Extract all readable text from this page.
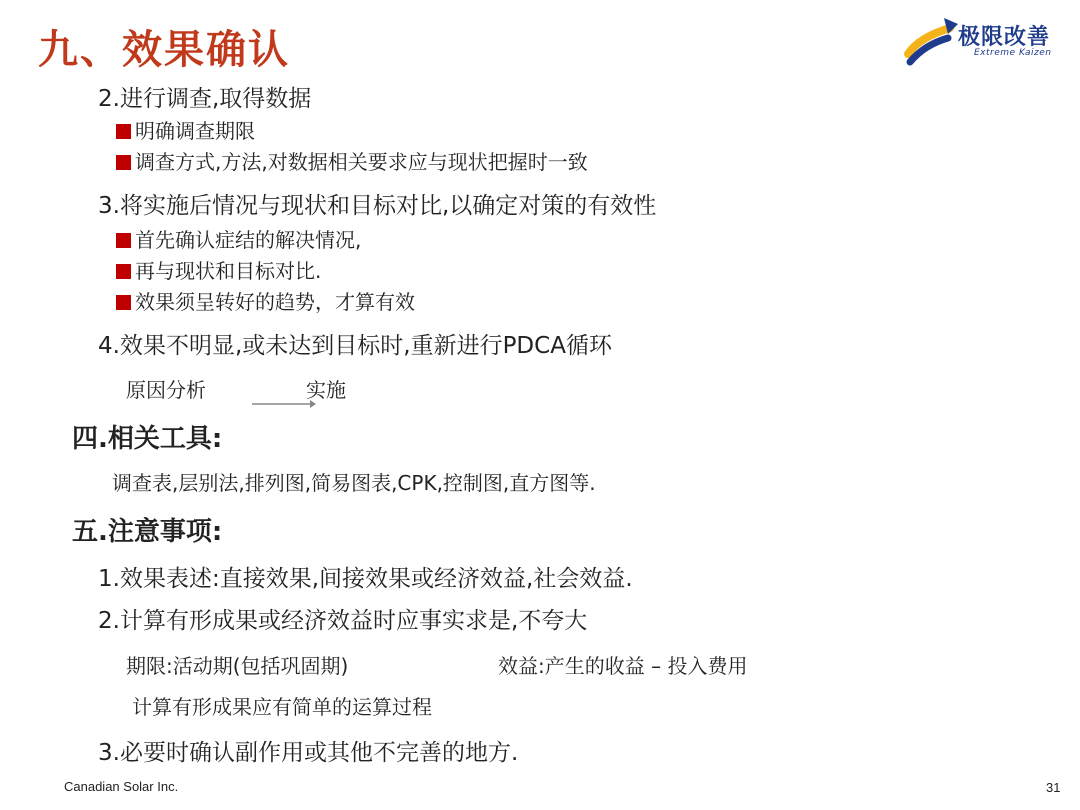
九、效果确认	极限改善
Extreme Kaizen
2.进行调查,取得数据
明确调查期限
调查方式,方法,对数据相关要求应与现状把握时一致
3.将实施后情况与现状和目标对比,以确定对策的有效性
首先确认症结的解决情况,
再与现状和目标对比.
效果须呈转好的趋势，才算有效
4.效果不明显,或未达到目标时,重新进行PDCA循环
原因分析	实施
四.相关工具:
调查表,层别法,排列图,简易图表,CPK,控制图,直方图等.
五.注意事项:
1.效果表述:直接效果,间接效果或经济效益,社会效益.
2.计算有形成果或经济效益时应事实求是,不夸大
期限:活动期(包括巩固期)	效益:产生的收益 – 投入费用
计算有形成果应有简单的运算过程
3.必要时确认副作用或其他不完善的地方.
Canadian Solar Inc.	31
